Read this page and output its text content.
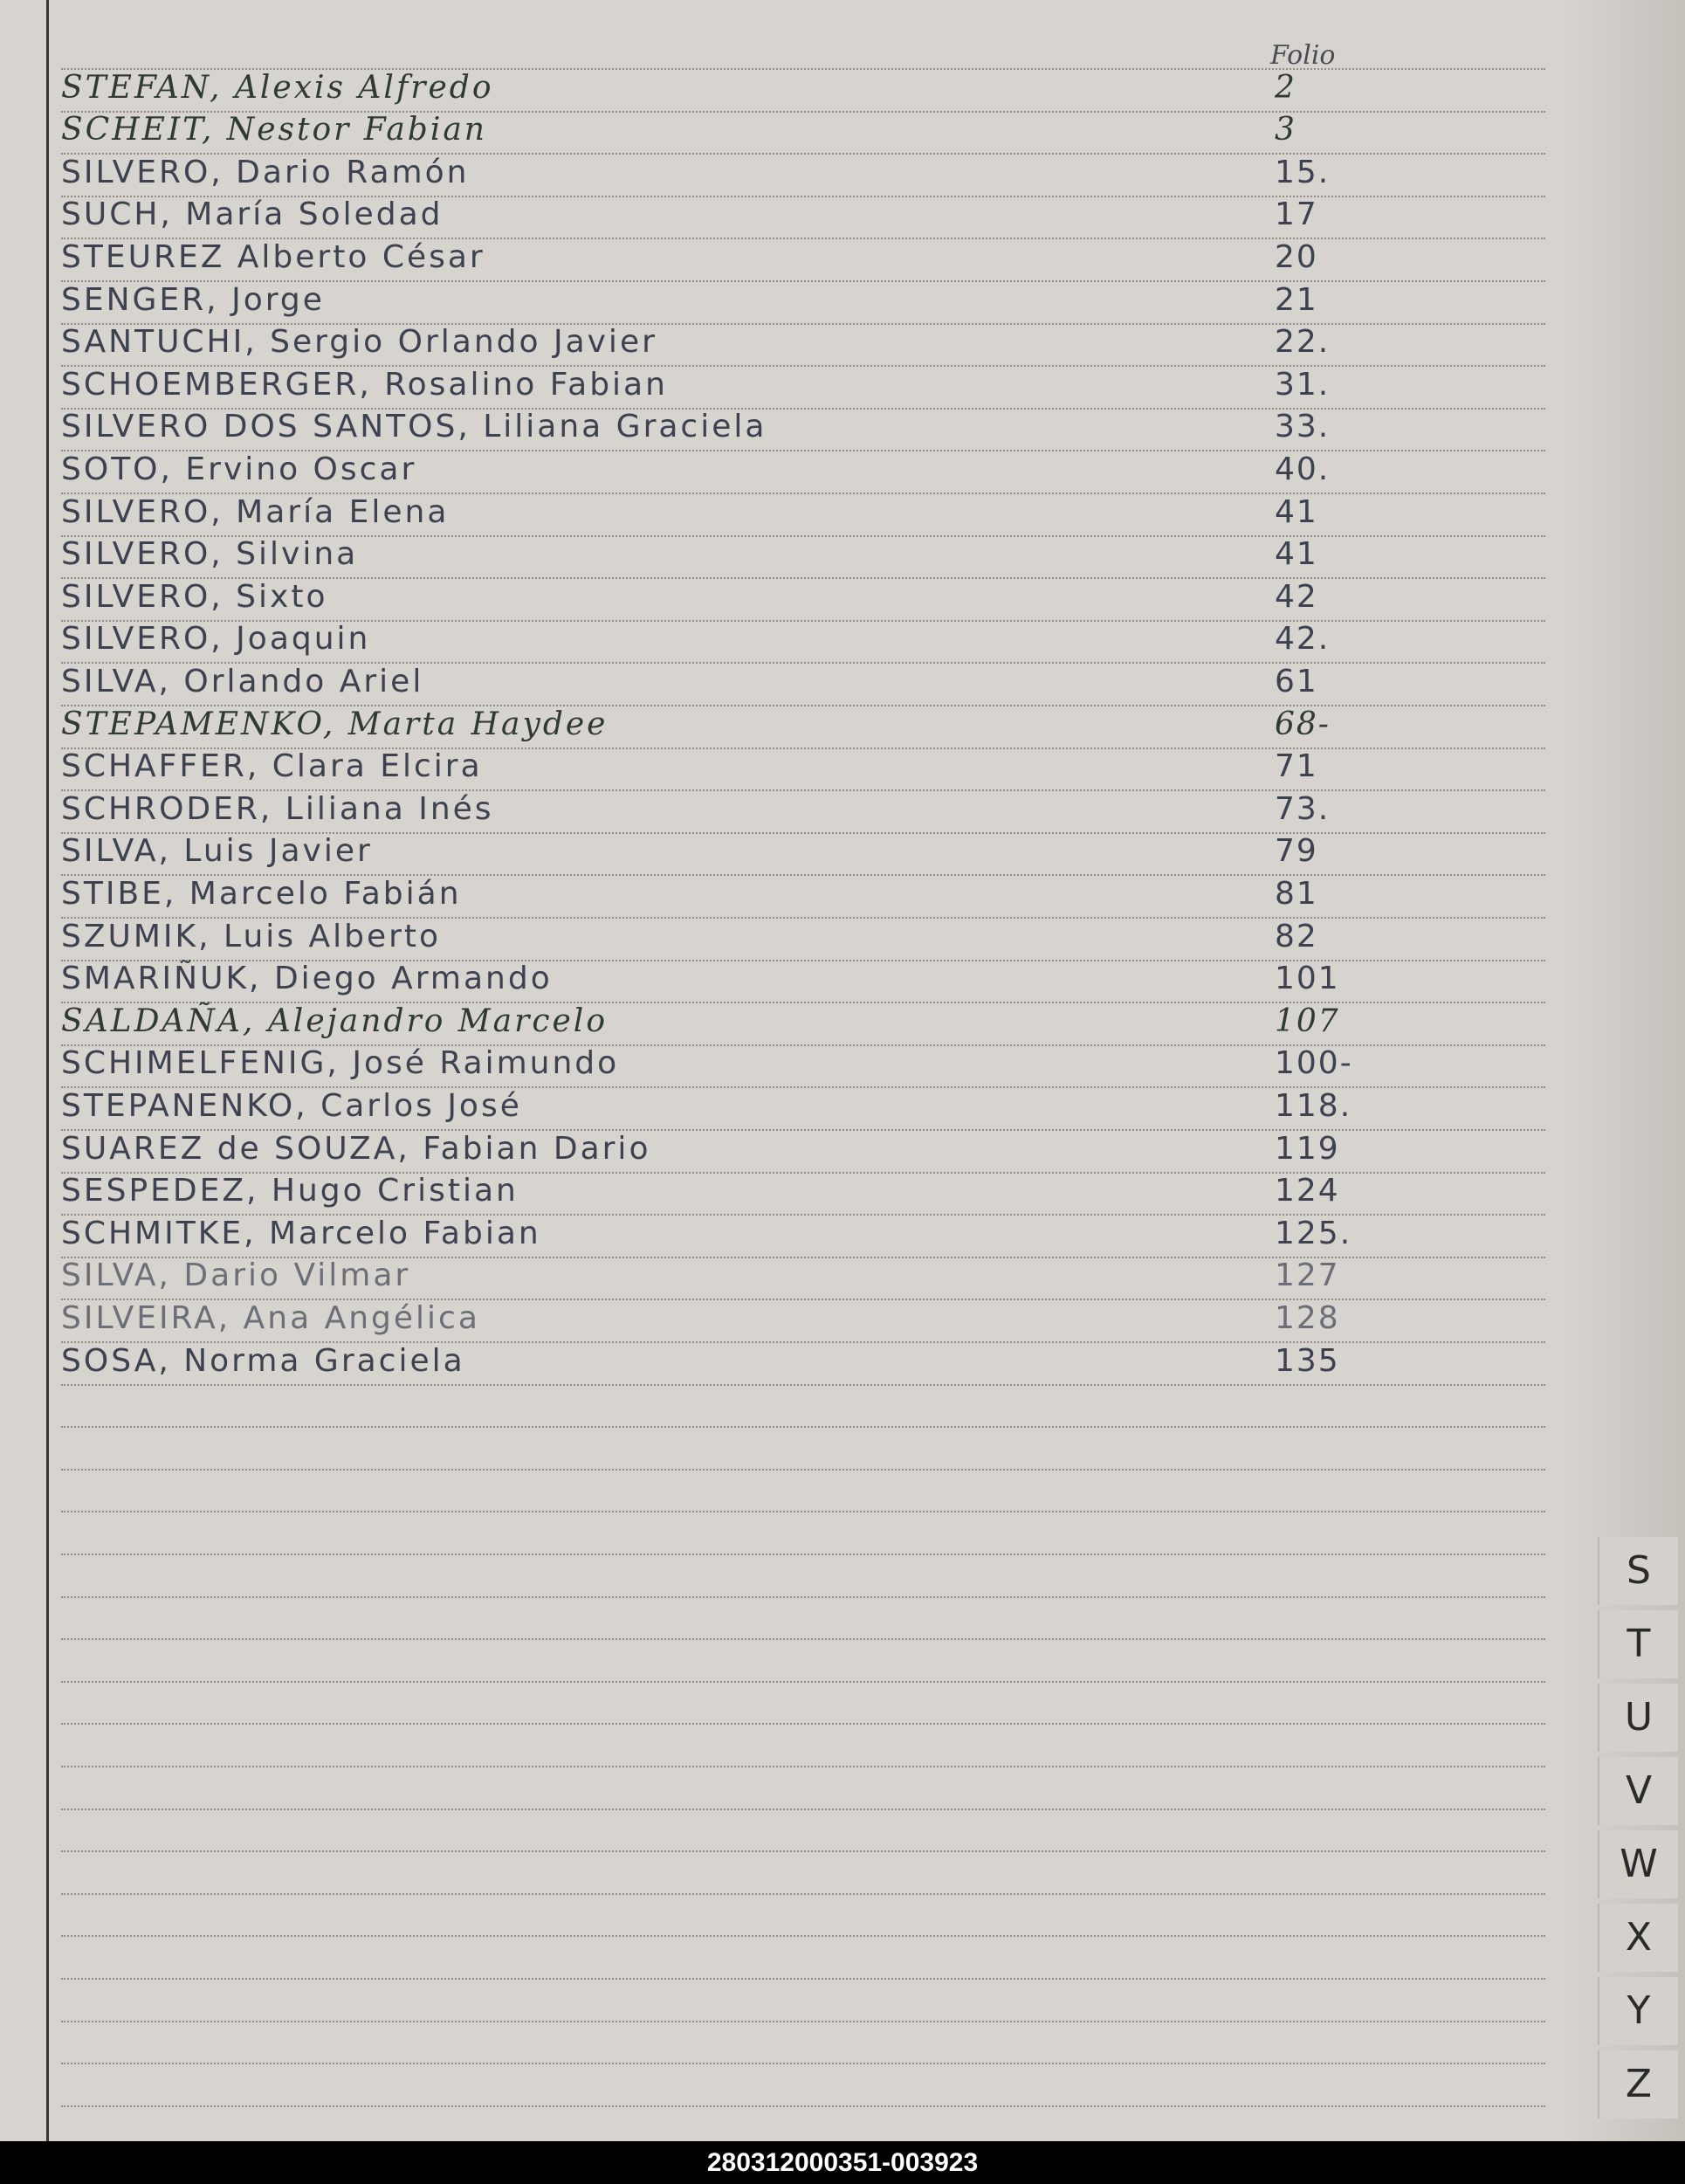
Folio
STEFAN, Alexis Alfredo	2
SCHEIT, Nestor Fabian	3
SILVERO, Dario Ramón	15.
SUCH, María Soledad	17
STEUREZ Alberto César	20
SENGER, Jorge	21
SANTUCHI, Sergio Orlando Javier	22.
SCHOEMBERGER, Rosalino Fabian	31.
SILVERO DOS SANTOS, Liliana Graciela	33.
SOTO, Ervino Oscar	40.
SILVERO, María Elena	41
SILVERO, Silvina	41
SILVERO, Sixto	42
SILVERO, Joaquin	42.
SILVA, Orlando Ariel	61
STEPAMENKO, Marta Haydee	68-
SCHAFFER, Clara Elcira	71
SCHRODER, Liliana Inés	73.
SILVA, Luis Javier	79
STIBE, Marcelo Fabián	81
SZUMIK, Luis Alberto	82
SMARIÑUK, Diego Armando	101
SALDAÑA, Alejandro Marcelo	107
SCHIMELFENIG, José Raimundo	100-
STEPANENKO, Carlos José	118.
SUAREZ de SOUZA, Fabian Dario	119
SESPEDEZ, Hugo Cristian	124
SCHMITKE, Marcelo Fabian	125.
SILVA, Dario Vilmar	127
SILVEIRA, Ana Angélica	128
SOSA, Norma Graciela	135
S
T
U
V
W
X
Y
Z
280312000351-003923
